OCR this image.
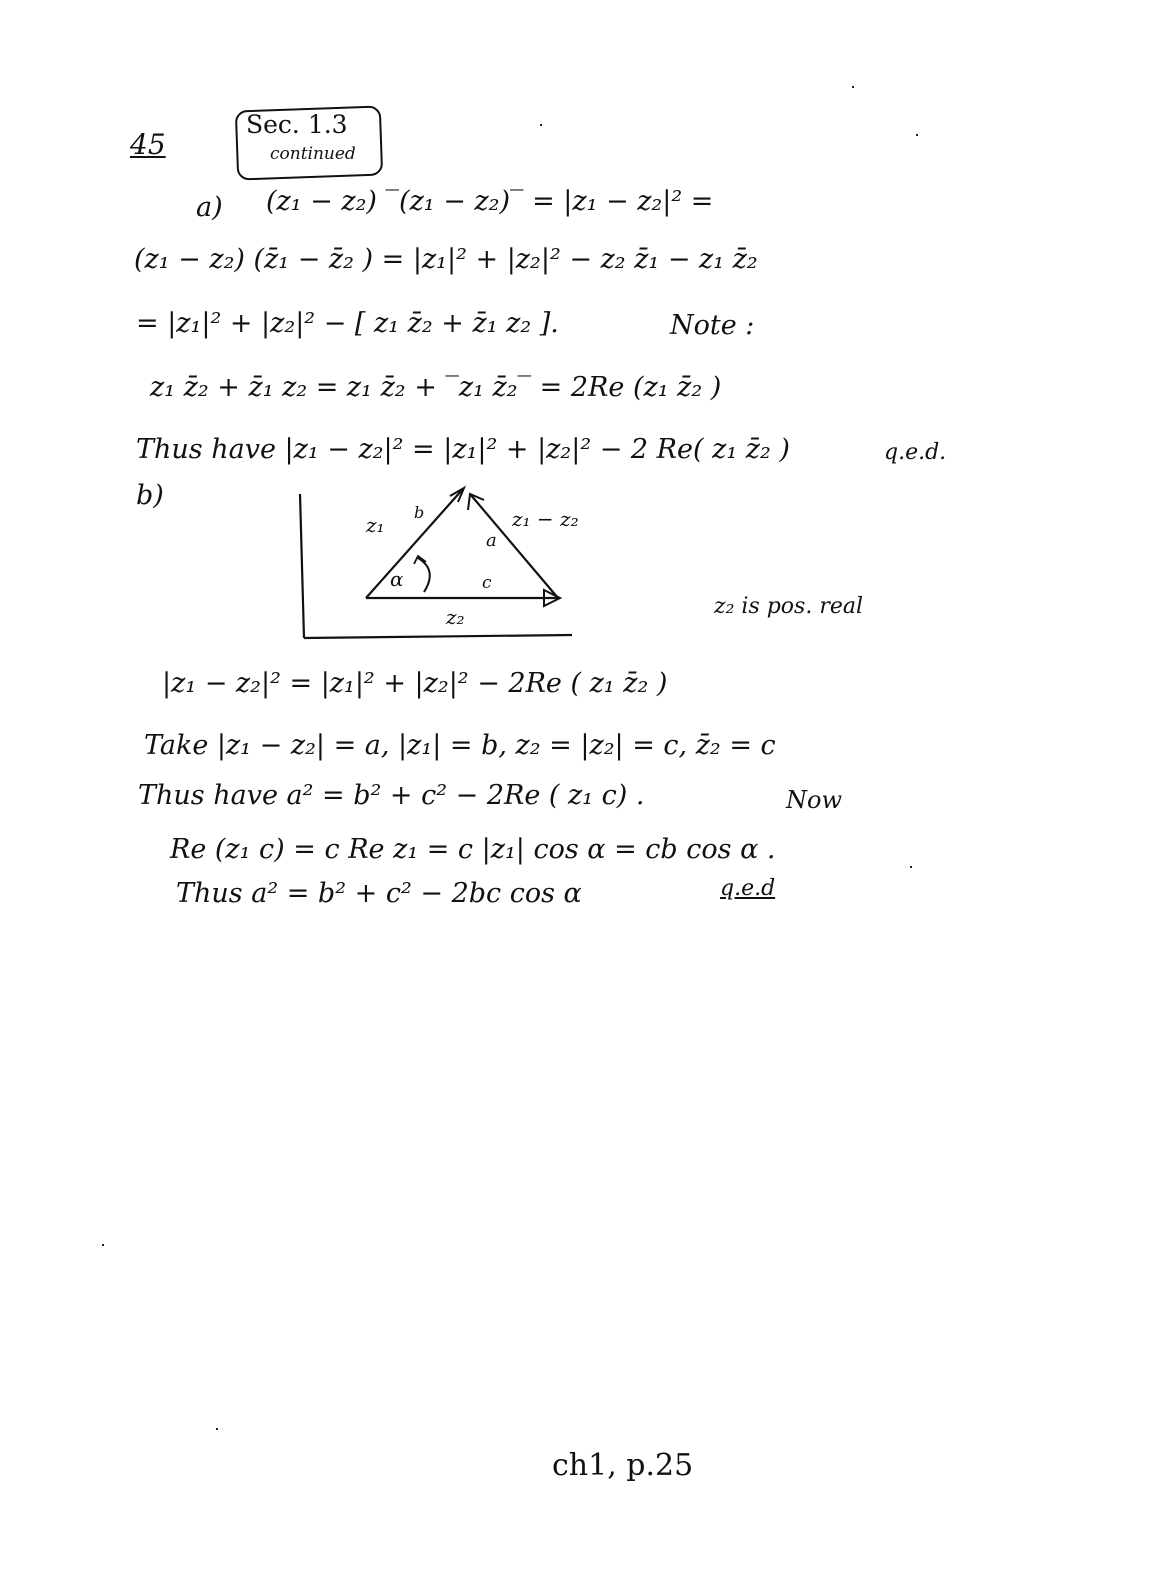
45
Sec. 1.3
continued
a) (z₁ − z₂) ‾(z₁ − z₂)‾ = |z₁ − z₂|² =
(z₁ − z₂) (z̄₁ − z̄₂ ) = |z₁|² + |z₂|² − z₂ z̄₁ − z₁ z̄₂
= |z₁|² + |z₂|² − [ z₁ z̄₂ + z̄₁ z₂ ].	Note :
z₁ z̄₂ + z̄₁ z₂ = z₁ z̄₂ + ‾z₁ z̄₂‾ = 2Re (z₁ z̄₂ )
Thus have |z₁ − z₂|² = |z₁|² + |z₂|² − 2 Re( z₁ z̄₂ )	q.e.d.
b)
z₁
b	z₁ − z₂
a
α	c
z₂	z₂ is pos. real
|z₁ − z₂|² = |z₁|² + |z₂|² − 2Re ( z₁ z̄₂ )
Take |z₁ − z₂| = a, |z₁| = b, z₂ = |z₂| = c, z̄₂ = c
Thus have a² = b² + c² − 2Re ( z₁ c) .	Now
Re (z₁ c) = c Re z₁ = c |z₁| cos α = cb cos α .
Thus a² = b² + c² − 2bc cos α	q.e.d
ch1, p.25
